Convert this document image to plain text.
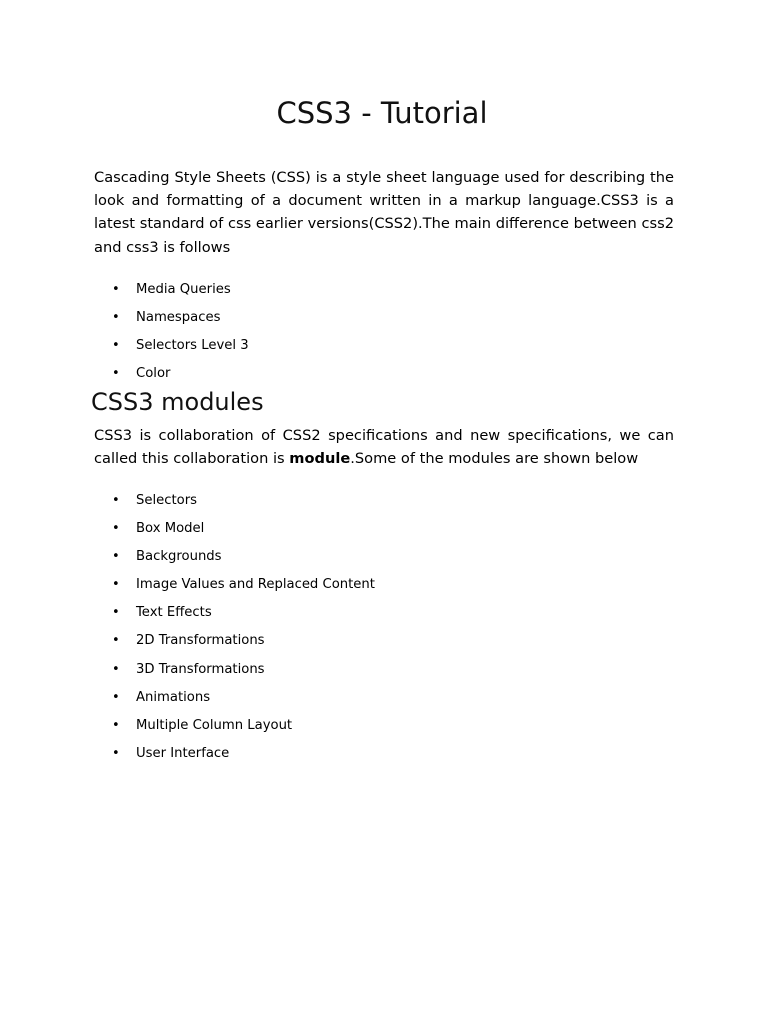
CSS3 - Tutorial

Cascading Style Sheets (CSS) is a style sheet language used for describing the look and formatting of a document written in a markup language.CSS3 is a latest standard of css earlier versions(CSS2).The main difference between css2 and css3 is follows

• Media Queries
• Namespaces
• Selectors Level 3
• Color
CSS3 modules

CSS3 is collaboration of CSS2 specifications and new specifications, we can called this collaboration is module.Some of the modules are shown below

• Selectors
• Box Model
• Backgrounds
• Image Values and Replaced Content
• Text Effects
• 2D Transformations
• 3D Transformations
• Animations
• Multiple Column Layout
• User Interface
